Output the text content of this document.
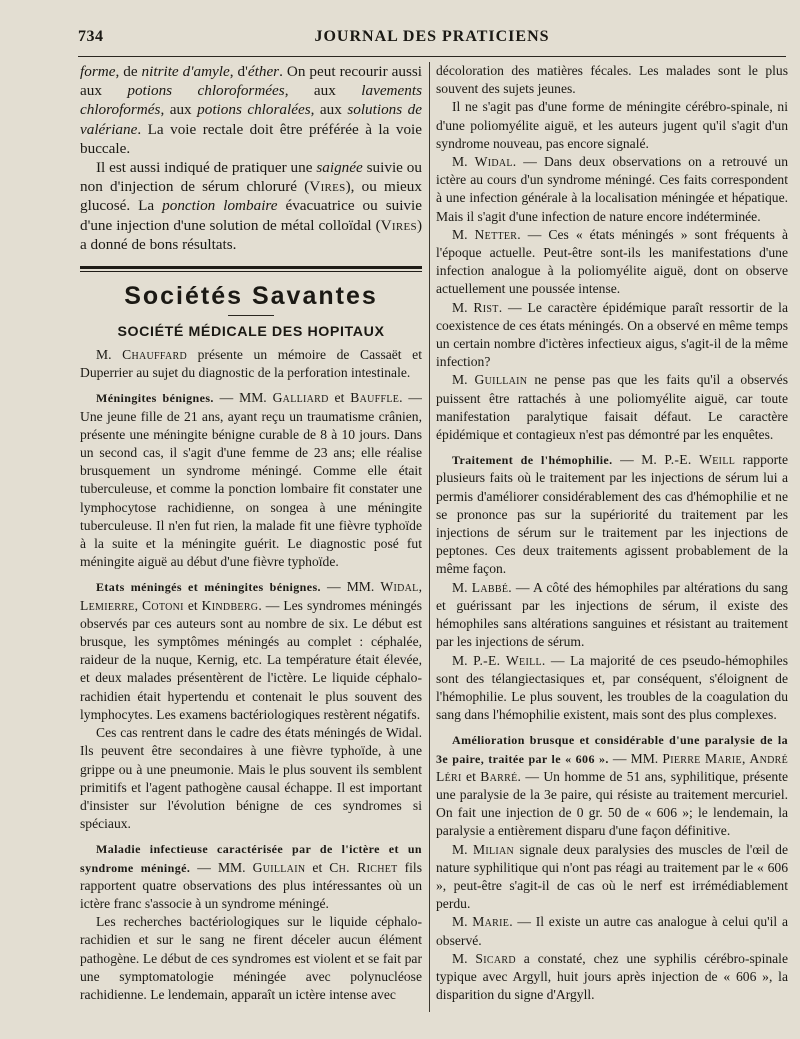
734	JOURNAL DES PRATICIENS

forme, de nitrite d'amyle, d'éther. On peut recourir aussi aux potions chloroformées, aux lavements chloroformés, aux potions chloralées, aux solutions de valériane. La voie rectale doit être préférée à la voie buccale.

Il est aussi indiqué de pratiquer une saignée suivie ou non d'injection de sérum chloruré (Vires), ou mieux glucosé. La ponction lombaire évacuatrice ou suivie d'une injection d'une solution de métal colloïdal (Vires) a donné de bons résultats.

Sociétés Savantes
SOCIÉTÉ MÉDICALE DES HOPITAUX

M. Chauffard présente un mémoire de Cassaët et Duperrier au sujet du diagnostic de la perforation intestinale.

Méningites bénignes. — MM. Galliard et Bauffle. — Une jeune fille de 21 ans, ayant reçu un traumatisme crânien, présente une méningite bénigne curable de 8 à 10 jours. Dans un second cas, il s'agit d'une femme de 23 ans; elle réalise brusquement un syndrome méningé. Comme elle était tuberculeuse, et comme la ponction lombaire fit constater une lymphocytose rachidienne, on songea à une méningite tuberculeuse. Il n'en fut rien, la malade fit une fièvre typhoïde à la suite et la méningite guérit. Le diagnostic posé fut méningite aiguë au début d'une fièvre typhoïde.

Etats méningés et méningites bénignes. — MM. Widal, Lemierre, Cotoni et Kindberg. — Les syndromes méningés observés par ces auteurs sont au nombre de six. Le début est brusque, les symptômes méningés au complet : céphalée, raideur de la nuque, Kernig, etc. La température était élevée, et deux malades présentèrent de l'ictère. Le liquide céphalo-rachidien était hypertendu et contenait le plus souvent des lymphocytes. Les examens bactériologiques restèrent négatifs.

Ces cas rentrent dans le cadre des états méningés de Widal. Ils peuvent être secondaires à une fièvre typhoïde, à une grippe ou à une pneumonie. Mais le plus souvent ils semblent primitifs et l'agent pathogène causal échappe. Il est important d'insister sur l'évolution bénigne de ces syndromes si spéciaux.

Maladie infectieuse caractérisée par de l'ictère et un syndrome méningé. — MM. Guillain et Ch. Richet fils rapportent quatre observations des plus intéressantes où un ictère franc s'associe à un syndrome méningé.

Les recherches bactériologiques sur le liquide céphalo-rachidien et sur le sang ne firent déceler aucun élément pathogène. Le début de ces syndromes est violent et se fait par une symptomatologie méningée avec polynucléose rachidienne. Le lendemain, apparaît un ictère intense avec

décoloration des matières fécales. Les malades sont le plus souvent des sujets jeunes.

Il ne s'agit pas d'une forme de méningite cérébro-spinale, ni d'une poliomyélite aiguë, et les auteurs jugent qu'il s'agit d'un syndrome nouveau, pas encore signalé.

M. Widal. — Dans deux observations on a retrouvé un ictère au cours d'un syndrome méningé. Ces faits correspondent à une infection générale à la localisation méningée et hépatique. Mais il s'agit d'une infection de nature encore indéterminée.

M. Netter. — Ces « états méningés » sont fréquents à l'époque actuelle. Peut-être sont-ils les manifestations d'une infection analogue à la poliomyélite aiguë, dont on observe actuellement une poussée intense.

M. Rist. — Le caractère épidémique paraît ressortir de la coexistence de ces états méningés. On a observé en même temps un certain nombre d'ictères infectieux aigus, s'agit-il de la même infection?

M. Guillain ne pense pas que les faits qu'il a observés puissent être rattachés à une poliomyélite aiguë, car toute manifestation paralytique faisait défaut. Le caractère épidémique et contagieux n'est pas démontré par les enquêtes.

Traitement de l'hémophilie. — M. P.-E. Weill rapporte plusieurs faits où le traitement par les injections de sérum lui a permis d'améliorer considérablement des cas d'hémophilie et ne se prononce pas sur la supériorité du traitement par les injections de sérum sur le traitement par les injections de peptones. Ces deux traitements agissent probablement de la même façon.

M. Labbé. — A côté des hémophiles par altérations du sang et guérissant par les injections de sérum, il existe des hémophiles sans altérations sanguines et résistant au traitement par les injections de sérum.

M. P.-E. Weill. — La majorité de ces pseudo-hémophiles sont des télangiectasiques et, par conséquent, s'éloignent de l'hémophilie. Le plus souvent, les troubles de la coagulation du sang dans l'hémophilie existent, mais sont des plus complexes.

Amélioration brusque et considérable d'une paralysie de la 3e paire, traitée par le « 606 ». — MM. Pierre Marie, André Léri et Barré. — Un homme de 51 ans, syphilitique, présente une paralysie de la 3e paire, qui résiste au traitement mercuriel. On fait une injection de 0 gr. 50 de « 606 »; le lendemain, la paralysie a entièrement disparu d'une façon définitive.

M. Milian signale deux paralysies des muscles de l'œil de nature syphilitique qui n'ont pas réagi au traitement par le « 606 », peut-être s'agit-il de cas où le nerf est irrémédiablement perdu.

M. Marie. — Il existe un autre cas analogue à celui qu'il a observé.

M. Sicard a constaté, chez une syphilis cérébro-spinale typique avec Argyll, huit jours après injection de « 606 », la disparition du signe d'Argyll.
